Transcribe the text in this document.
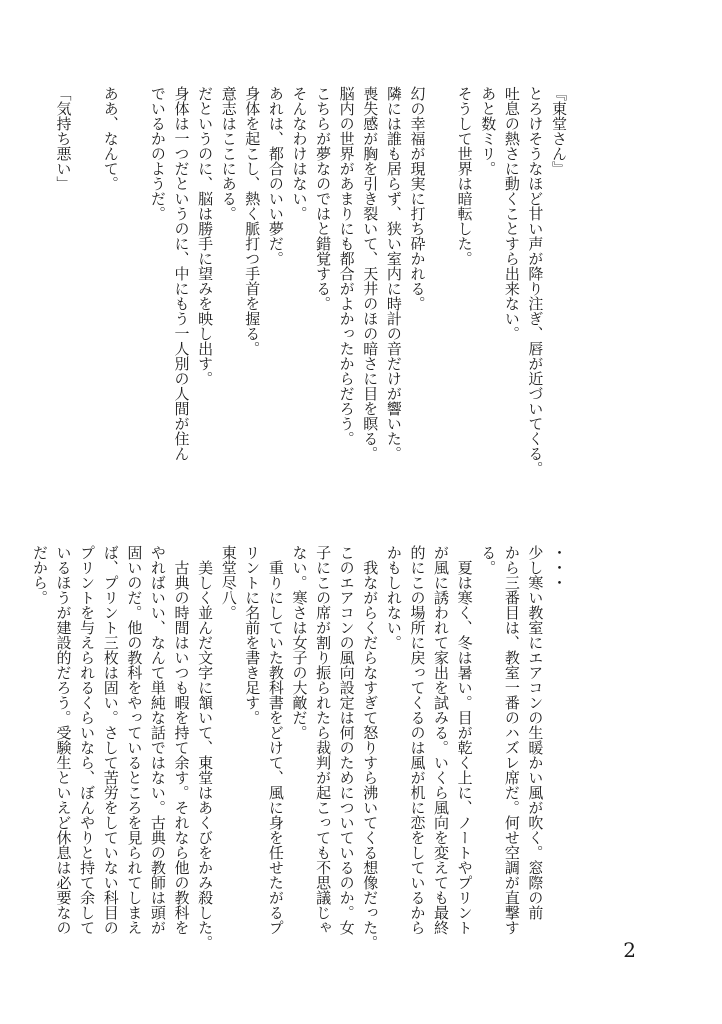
『東堂さん』
とろけそうなほど甘い声が降り注ぎ、唇が近づいてくる。
吐息の熱さに動くことすら出来ない。
あと数ミリ。
そうして世界は暗転した。
幻の幸福が現実に打ち砕かれる。
隣には誰も居らず、狭い室内に時計の音だけが響いた。
喪失感が胸を引き裂いて、天井のほの暗さに目を瞑る。
脳内の世界があまりにも都合がよかったからだろう。
こちらが夢なのではと錯覚する。
そんなわけはない。
あれは、都合のいい夢だ。
身体を起こし、熱く脈打つ手首を握る。
意志はここにある。
だというのに、脳は勝手に望みを映し出す。
身体は一つだというのに、中にもう一人別の人間が住ん
でいるかのようだ。
ああ、なんて。
「気持ち悪い」
・・・
少し寒い教室にエアコンの生暖かい風が吹く。窓際の前
から三番目は、教室一番のハズレ席だ。何せ空調が直撃す
る。
　夏は寒く、冬は暑い。目が乾く上に、ノートやプリント
が風に誘われて家出を試みる。いくら風向を変えても最終
的にこの場所に戻ってくるのは風が机に恋をしているから
かもしれない。
　我ながらくだらなすぎて怒りすら沸いてくる想像だった。
このエアコンの風向設定は何のためについているのか。女
子にこの席が割り振られたら裁判が起こっても不思議じゃ
ない。寒さは女子の大敵だ。
　重りにしていた教科書をどけて、風に身を任せたがるプ
リントに名前を書き足す。
東堂尽八。
　美しく並んだ文字に頷いて、東堂はあくびをかみ殺した。
　古典の時間はいつも暇を持て余す。それなら他の教科を
やればいい、なんて単純な話ではない。古典の教師は頭が
固いのだ。他の教科をやっているところを見られてしまえ
ば、プリント三枚は固い。さして苦労をしていない科目の
プリントを与えられるくらいなら、ぼんやりと持て余して
いるほうが建設的だろう。受験生といえど休息は必要なの
だから。
2
